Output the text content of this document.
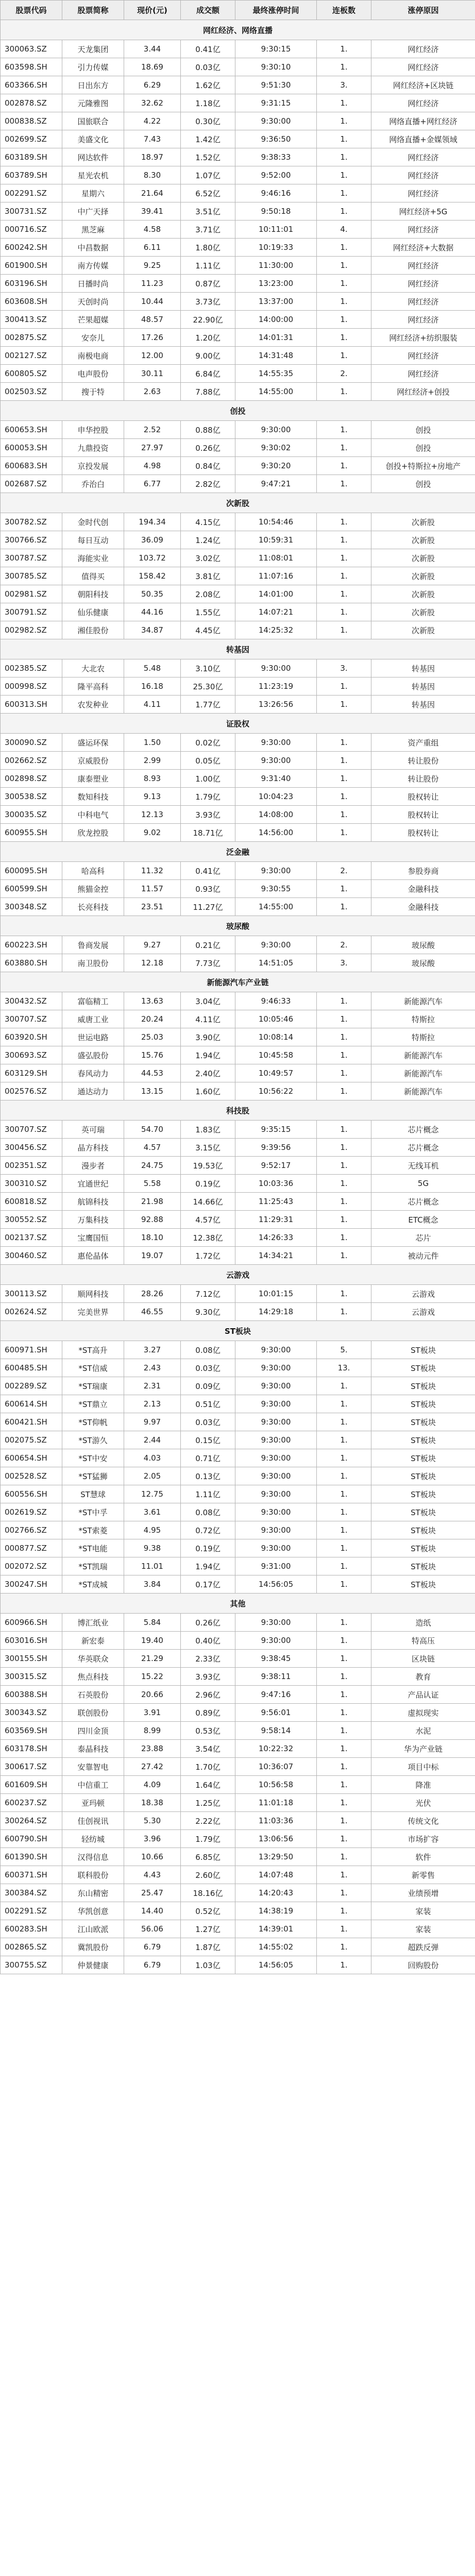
股票代码	股票简称	现价(元)	成交额	最终涨停时间	连板数	涨停原因
网红经济、网络直播						
300063.SZ	天龙集团	3.44	0.41亿	9:30:15	1.	网红经济
603598.SH	引力传媒	18.69	0.03亿	9:30:10	1.	网红经济
603366.SH	日出东方	6.29	1.62亿	9:51:30	3.	网红经济+区块链
002878.SZ	元隆雅图	32.62	1.18亿	9:31:15	1.	网红经济
000838.SZ	国旅联合	4.22	0.30亿	9:30:00	1.	网络直播+网红经济
002699.SZ	美盛文化	7.43	1.42亿	9:36:50	1.	网络直播+金媒领域
603189.SH	网达软件	18.97	1.52亿	9:38:33	1.	网红经济
603789.SH	星光农机	8.30	1.07亿	9:52:00	1.	网红经济
002291.SZ	星期六	21.64	6.52亿	9:46:16	1.	网红经济
300731.SZ	中广天择	39.41	3.51亿	9:50:18	1.	网红经济+5G
000716.SZ	黑芝麻	4.58	3.71亿	10:11:01	4.	网红经济
600242.SH	中昌数据	6.11	1.80亿	10:19:33	1.	网红经济+大数据
601900.SH	南方传媒	9.25	1.11亿	11:30:00	1.	网红经济
603196.SH	日播时尚	11.23	0.87亿	13:23:00	1.	网红经济
603608.SH	天创时尚	10.44	3.73亿	13:37:00	1.	网红经济
300413.SZ	芒果超媒	48.57	22.90亿	14:00:00	1.	网红经济
002875.SZ	安奈儿	17.26	1.20亿	14:01:31	1.	网红经济+纺织服装
002127.SZ	南极电商	12.00	9.00亿	14:31:48	1.	网红经济
600805.SZ	电声股份	30.11	6.84亿	14:55:35	2.	网红经济
002503.SZ	搜于特	2.63	7.88亿	14:55:00	1.	网红经济+创投
创投						
600653.SH	申华控股	2.52	0.88亿	9:30:00	1.	创投
600053.SH	九鼎投资	27.97	0.26亿	9:30:02	1.	创投
600683.SH	京投发展	4.98	0.84亿	9:30:20	1.	创投+特斯拉+房地产
002687.SZ	乔治白	6.77	2.82亿	9:47:21	1.	创投
次新股						
300782.SZ	金时代创	194.34	4.15亿	10:54:46	1.	次新股
300766.SZ	每日互动	36.09	1.24亿	10:59:31	1.	次新股
300787.SZ	海能实业	103.72	3.02亿	11:08:01	1.	次新股
300785.SZ	值得买	158.42	3.81亿	11:07:16	1.	次新股
002981.SZ	朝阳科技	50.35	2.08亿	14:01:00	1.	次新股
300791.SZ	仙乐健康	44.16	1.55亿	14:07:21	1.	次新股
002982.SZ	湘佳股份	34.87	4.45亿	14:25:32	1.	次新股
转基因						
002385.SZ	大北农	5.48	3.10亿	9:30:00	3.	转基因
000998.SZ	隆平高科	16.18	25.30亿	11:23:19	1.	转基因
600313.SH	农发种业	4.11	1.77亿	13:26:56	1.	转基因
证股权						
300090.SZ	盛运环保	1.50	0.02亿	9:30:00	1.	资产重组
002662.SZ	京威股份	2.99	0.05亿	9:30:00	1.	转让股份
002898.SZ	康泰塑业	8.93	1.00亿	9:31:40	1.	转让股份
300538.SZ	数知科技	9.13	1.79亿	10:04:23	1.	股权转让
300035.SZ	中科电气	12.13	3.93亿	14:08:00	1.	股权转让
600955.SH	欣龙控股	9.02	18.71亿	14:56:00	1.	股权转让
泛金融						
600095.SH	哈高科	11.32	0.41亿	9:30:00	2.	参股券商
600599.SH	熊猫金控	11.57	0.93亿	9:30:55	1.	金融科技
300348.SZ	长亮科技	23.51	11.27亿	14:55:00	1.	金融科技
玻尿酸						
600223.SH	鲁商发展	9.27	0.21亿	9:30:00	2.	玻尿酸
603880.SH	南卫股份	12.18	7.73亿	14:51:05	3.	玻尿酸
新能源汽车产业链						
300432.SZ	富临精工	13.63	3.04亿	9:46:33	1.	新能源汽车
300707.SZ	威唐工业	20.24	4.11亿	10:05:46	1.	特斯拉
603920.SH	世运电路	25.03	3.90亿	10:08:14	1.	特斯拉
300693.SZ	盛弘股份	15.76	1.94亿	10:45:58	1.	新能源汽车
603129.SH	春风动力	44.53	2.40亿	10:49:57	1.	新能源汽车
002576.SZ	通达动力	13.15	1.60亿	10:56:22	1.	新能源汽车
科技股						
300707.SZ	英可瑞	54.70	1.83亿	9:35:15	1.	芯片概念
300456.SZ	晶方科技	4.57	3.15亿	9:39:56	1.	芯片概念
002351.SZ	漫步者	24.75	19.53亿	9:52:17	1.	无线耳机
300310.SZ	宜通世纪	5.58	0.19亿	10:03:36	1.	5G
600818.SZ	航锦科技	21.98	14.66亿	11:25:43	1.	芯片概念
300552.SZ	万集科技	92.88	4.57亿	11:29:31	1.	ETC概念
002137.SZ	宝鹰国恒	18.10	12.38亿	14:26:33	1.	芯片
300460.SZ	惠伦晶体	19.07	1.72亿	14:34:21	1.	被动元件
云游戏						
300113.SZ	顺网科技	28.26	7.12亿	10:01:15	1.	云游戏
002624.SZ	完美世界	46.55	9.30亿	14:29:18	1.	云游戏
ST板块						
600971.SH	*ST高升	3.27	0.08亿	9:30:00	5.	ST板块
600485.SH	*ST信威	2.43	0.03亿	9:30:00	13.	ST板块
002289.SZ	*ST瑞康	2.31	0.09亿	9:30:00	1.	ST板块
600614.SH	*ST鼎立	2.13	0.51亿	9:30:00	1.	ST板块
600421.SH	*ST仰帆	9.97	0.03亿	9:30:00	1.	ST板块
002075.SZ	*ST游久	2.44	0.15亿	9:30:00	1.	ST板块
600654.SH	*ST中安	4.03	0.71亿	9:30:00	1.	ST板块
002528.SZ	*ST猛狮	2.05	0.13亿	9:30:00	1.	ST板块
600556.SH	ST慧球	12.75	1.11亿	9:30:00	1.	ST板块
002619.SZ	*ST中孚	3.61	0.08亿	9:30:00	1.	ST板块
002766.SZ	*ST索菱	4.95	0.72亿	9:30:00	1.	ST板块
000877.SZ	*ST电能	9.38	0.19亿	9:30:00	1.	ST板块
002072.SZ	*ST凯瑞	11.01	1.94亿	9:31:00	1.	ST板块
300247.SH	*ST成城	3.84	0.17亿	14:56:05	1.	ST板块
其他						
600966.SH	博汇纸业	5.84	0.26亿	9:30:00	1.	造纸
603016.SH	新宏泰	19.40	0.40亿	9:30:00	1.	特高压
300155.SH	华英联众	21.29	2.33亿	9:38:45	1.	区块链
300315.SZ	焦点科技	15.22	3.93亿	9:38:11	1.	教育
600388.SH	石英股份	20.66	2.96亿	9:47:16	1.	产品认证
300343.SZ	联创股份	3.91	0.89亿	9:56:01	1.	虚拟现实
603569.SH	四川金顶	8.99	0.53亿	9:58:14	1.	水泥
603178.SH	泰晶科技	23.88	3.54亿	10:22:32	1.	华为产业链
300617.SZ	安靠智电	27.42	1.70亿	10:36:07	1.	项目中标
601609.SH	中信重工	4.09	1.64亿	10:56:58	1.	降准
600237.SZ	亚玛顿	18.38	1.25亿	11:01:18	1.	光伏
300264.SZ	佳创视讯	5.30	2.22亿	11:03:36	1.	传统文化
600790.SH	轻纺城	3.96	1.79亿	13:06:56	1.	市场扩容
601390.SH	汉得信息	10.66	6.85亿	13:29:50	1.	软件
600371.SH	联科股份	4.43	2.60亿	14:07:48	1.	新零售
300384.SZ	东山精密	25.47	18.16亿	14:20:43	1.	业绩预增
002291.SZ	华凯创意	14.40	0.52亿	14:38:19	1.	家装
600283.SH	江山欧派	56.06	1.27亿	14:39:01	1.	家装
002865.SZ	冀凯股份	6.79	1.87亿	14:55:02	1.	超跌反弹
300755.SZ	仲景健康	6.79	1.03亿	14:56:05	1.	回购股份
